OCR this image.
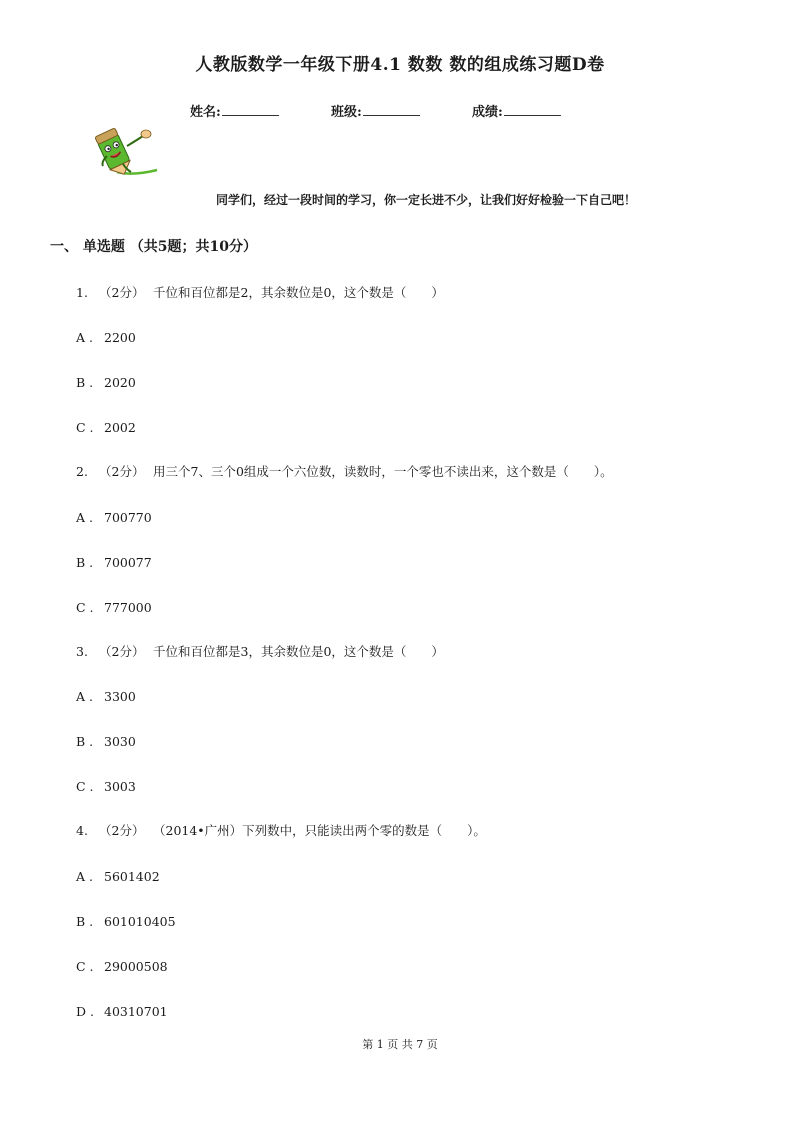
人教版数学一年级下册4.1 数数 数的组成练习题D卷
姓名:	班级:	成绩:
同学们，经过一段时间的学习，你一定长进不少，让我们好好检验一下自己吧！
一、 单选题 （共5题；共10分）
1. （2分） 千位和百位都是2，其余数位是0，这个数是（　　）
A . 2200
B . 2020
C . 2002
2. （2分） 用三个7、三个0组成一个六位数，读数时，一个零也不读出来，这个数是（　　）。
A . 700770
B . 700077
C . 777000
3. （2分） 千位和百位都是3，其余数位是0，这个数是（　　）
A . 3300
B . 3030
C . 3003
4. （2分） （2014•广州）下列数中，只能读出两个零的数是（　　）。
A . 5601402
B . 601010405
C . 29000508
D . 40310701
第 1 页 共 7 页
